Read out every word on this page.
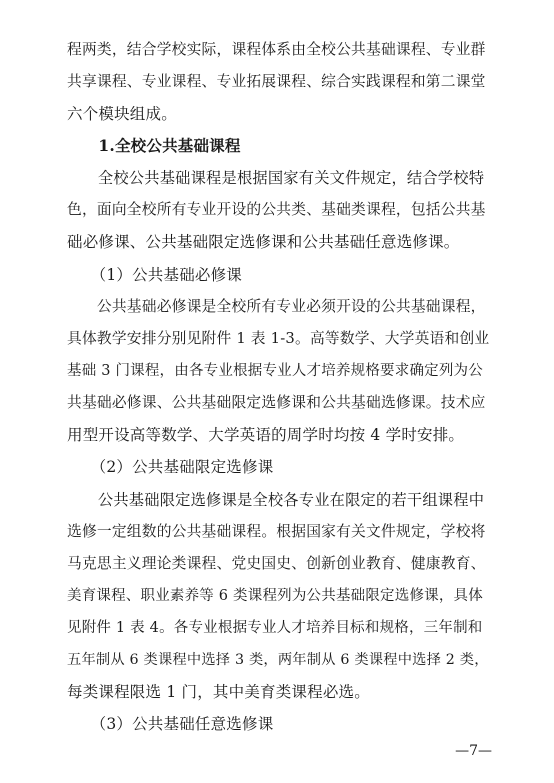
程两类，结合学校实际，课程体系由全校公共基础课程、专业群
共享课程、专业课程、专业拓展课程、综合实践课程和第二课堂
六个模块组成。
　　1.全校公共基础课程
　　全校公共基础课程是根据国家有关文件规定，结合学校特
色，面向全校所有专业开设的公共类、基础类课程，包括公共基
础必修课、公共基础限定选修课和公共基础任意选修课。
　　（1）公共基础必修课
　　公共基础必修课是全校所有专业必须开设的公共基础课程，
具体教学安排分别见附件 1 表 1-3。高等数学、大学英语和创业
基础 3 门课程，由各专业根据专业人才培养规格要求确定列为公
共基础必修课、公共基础限定选修课和公共基础选修课。技术应
用型开设高等数学、大学英语的周学时均按 4 学时安排。
　　（2）公共基础限定选修课
　　公共基础限定选修课是全校各专业在限定的若干组课程中
选修一定组数的公共基础课程。根据国家有关文件规定，学校将
马克思主义理论类课程、党史国史、创新创业教育、健康教育、
美育课程、职业素养等 6 类课程列为公共基础限定选修课，具体
见附件 1 表 4。各专业根据专业人才培养目标和规格，三年制和
五年制从 6 类课程中选择 3 类，两年制从 6 类课程中选择 2 类，
每类课程限选 1 门，其中美育类课程必选。
　　（3）公共基础任意选修课
—7—
